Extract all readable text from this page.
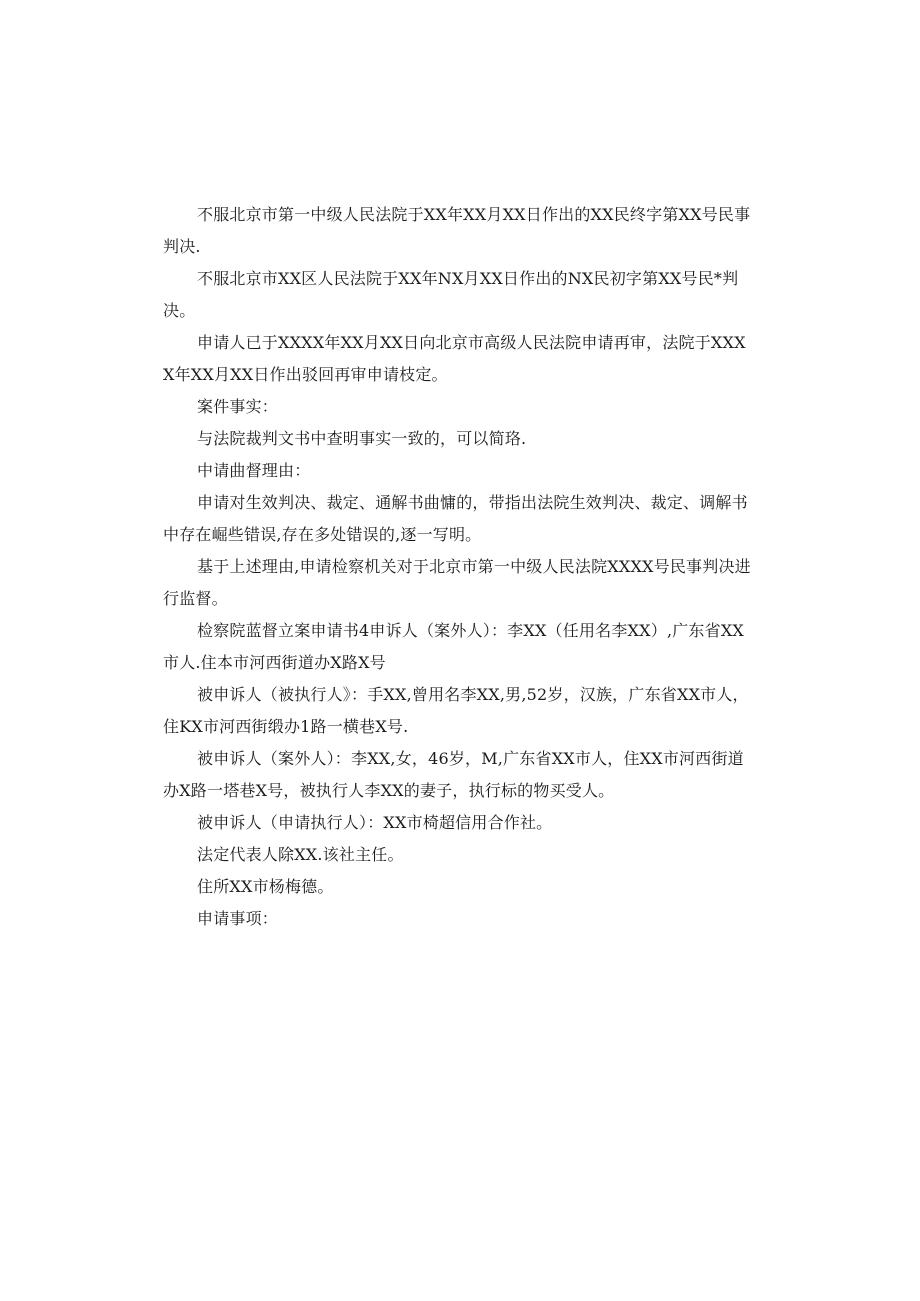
不服北京市第一中级人民法院于XX年XX月XX日作出的XX民终字第XX号民事判决.

不服北京市XX区人民法院于XX年NX月XX日作出的NX民初字第XX号民*判决。

申请人已于XXXX年XX月XX日向北京市高级人民法院申请再审，法院于XXXX年XX月XX日作出驳回再审申请枝定。

案件事实：

与法院裁判文书中查明事实一致的，可以简珞.

中请曲督理由：

申请对生效判决、裁定、通解书曲慵的，带指出法院生效判决、裁定、调解书中存在崛些错误,存在多处错误的,逐一写明。

基于上述理由,申请检察机关对于北京市第一中级人民法院XXXX号民事判决进行监督。

检察院蓝督立案申请书4申诉人（案外人）：李XX（任用名李XX）,广东省XX市人.住本市河西街道办X路X号

被申诉人（被执行人》：手XX,曾用名李XX,男,52岁，汉族，广东省XX市人，住KX市河西街缎办1路一横巷X号.

被申诉人（案外人）：李XX,女，46岁，M,广东省XX市人，住XX市河西街道办X路一塔巷X号，被执行人李XX的妻子，执行标的物买受人。

被申诉人（申请执行人）：XX市椅超信用合作社。

法定代表人除XX.该社主任。

住所XX市杨梅德。

申请事项：
